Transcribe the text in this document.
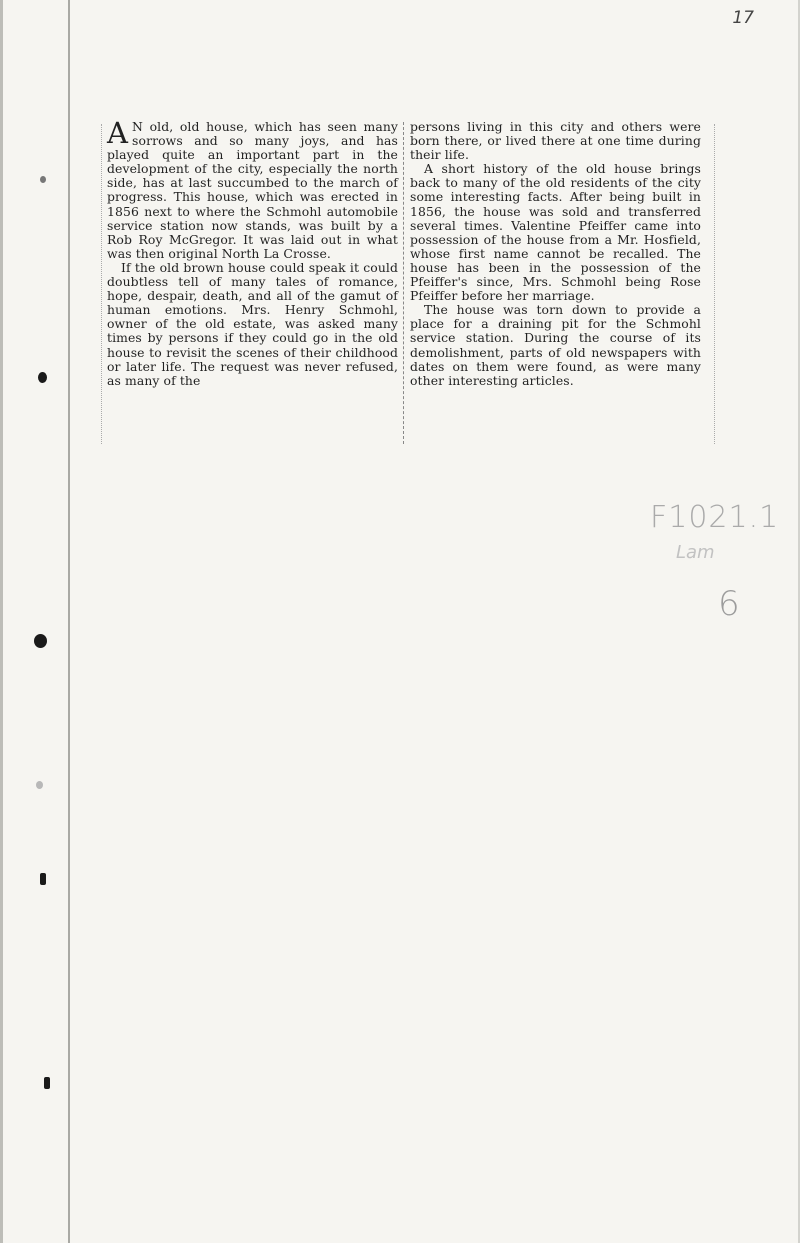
17

A N old, old house, which has seen many sorrows and so many joys, and has played quite an important part in the development of the city, especially the north side, has at last succumbed to the march of progress. This house, which was erected in 1856 next to where the Schmohl automobile service station now stands, was built by a Rob Roy McGregor. It was laid out in what was then original North La Crosse.

If the old brown house could speak it could doubtless tell of many tales of romance, hope, despair, death, and all of the gamut of human emotions. Mrs. Henry Schmohl, owner of the old estate, was asked many times by persons if they could go in the old house to revisit the scenes of their childhood or later life. The request was never refused, as many of the

persons living in this city and others were born there, or lived there at one time during their life.

A short history of the old house brings back to many of the old residents of the city some interesting facts. After being built in 1856, the house was sold and transferred several times. Valentine Pfeiffer came into possession of the house from a Mr. Hosfield, whose first name cannot be recalled. The house has been in the possession of the Pfeiffer's since, Mrs. Schmohl being Rose Pfeiffer before her marriage.

The house was torn down to provide a place for a draining pit for the Schmohl service station. During the course of its demolishment, parts of old newspapers with dates on them were found, as were many other interesting articles.

F1021.1
Lam
6
